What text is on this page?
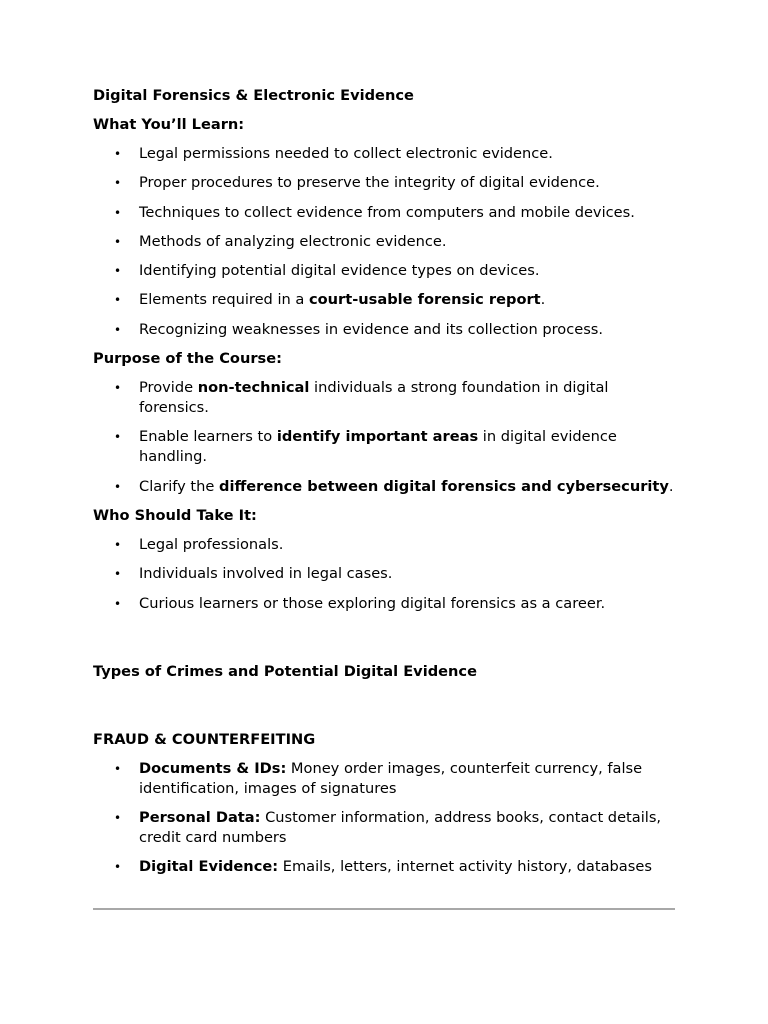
Digital Forensics & Electronic Evidence

What You’ll Learn:

• Legal permissions needed to collect electronic evidence.
• Proper procedures to preserve the integrity of digital evidence.
• Techniques to collect evidence from computers and mobile devices.
• Methods of analyzing electronic evidence.
• Identifying potential digital evidence types on devices.
• Elements required in a court-usable forensic report.
• Recognizing weaknesses in evidence and its collection process.

Purpose of the Course:

• Provide non-technical individuals a strong foundation in digital forensics.
• Enable learners to identify important areas in digital evidence handling.
• Clarify the difference between digital forensics and cybersecurity.

Who Should Take It:

• Legal professionals.
• Individuals involved in legal cases.
• Curious learners or those exploring digital forensics as a career.

Types of Crimes and Potential Digital Evidence

FRAUD & COUNTERFEITING

• Documents & IDs: Money order images, counterfeit currency, false identification, images of signatures
• Personal Data: Customer information, address books, contact details, credit card numbers
• Digital Evidence: Emails, letters, internet activity history, databases
